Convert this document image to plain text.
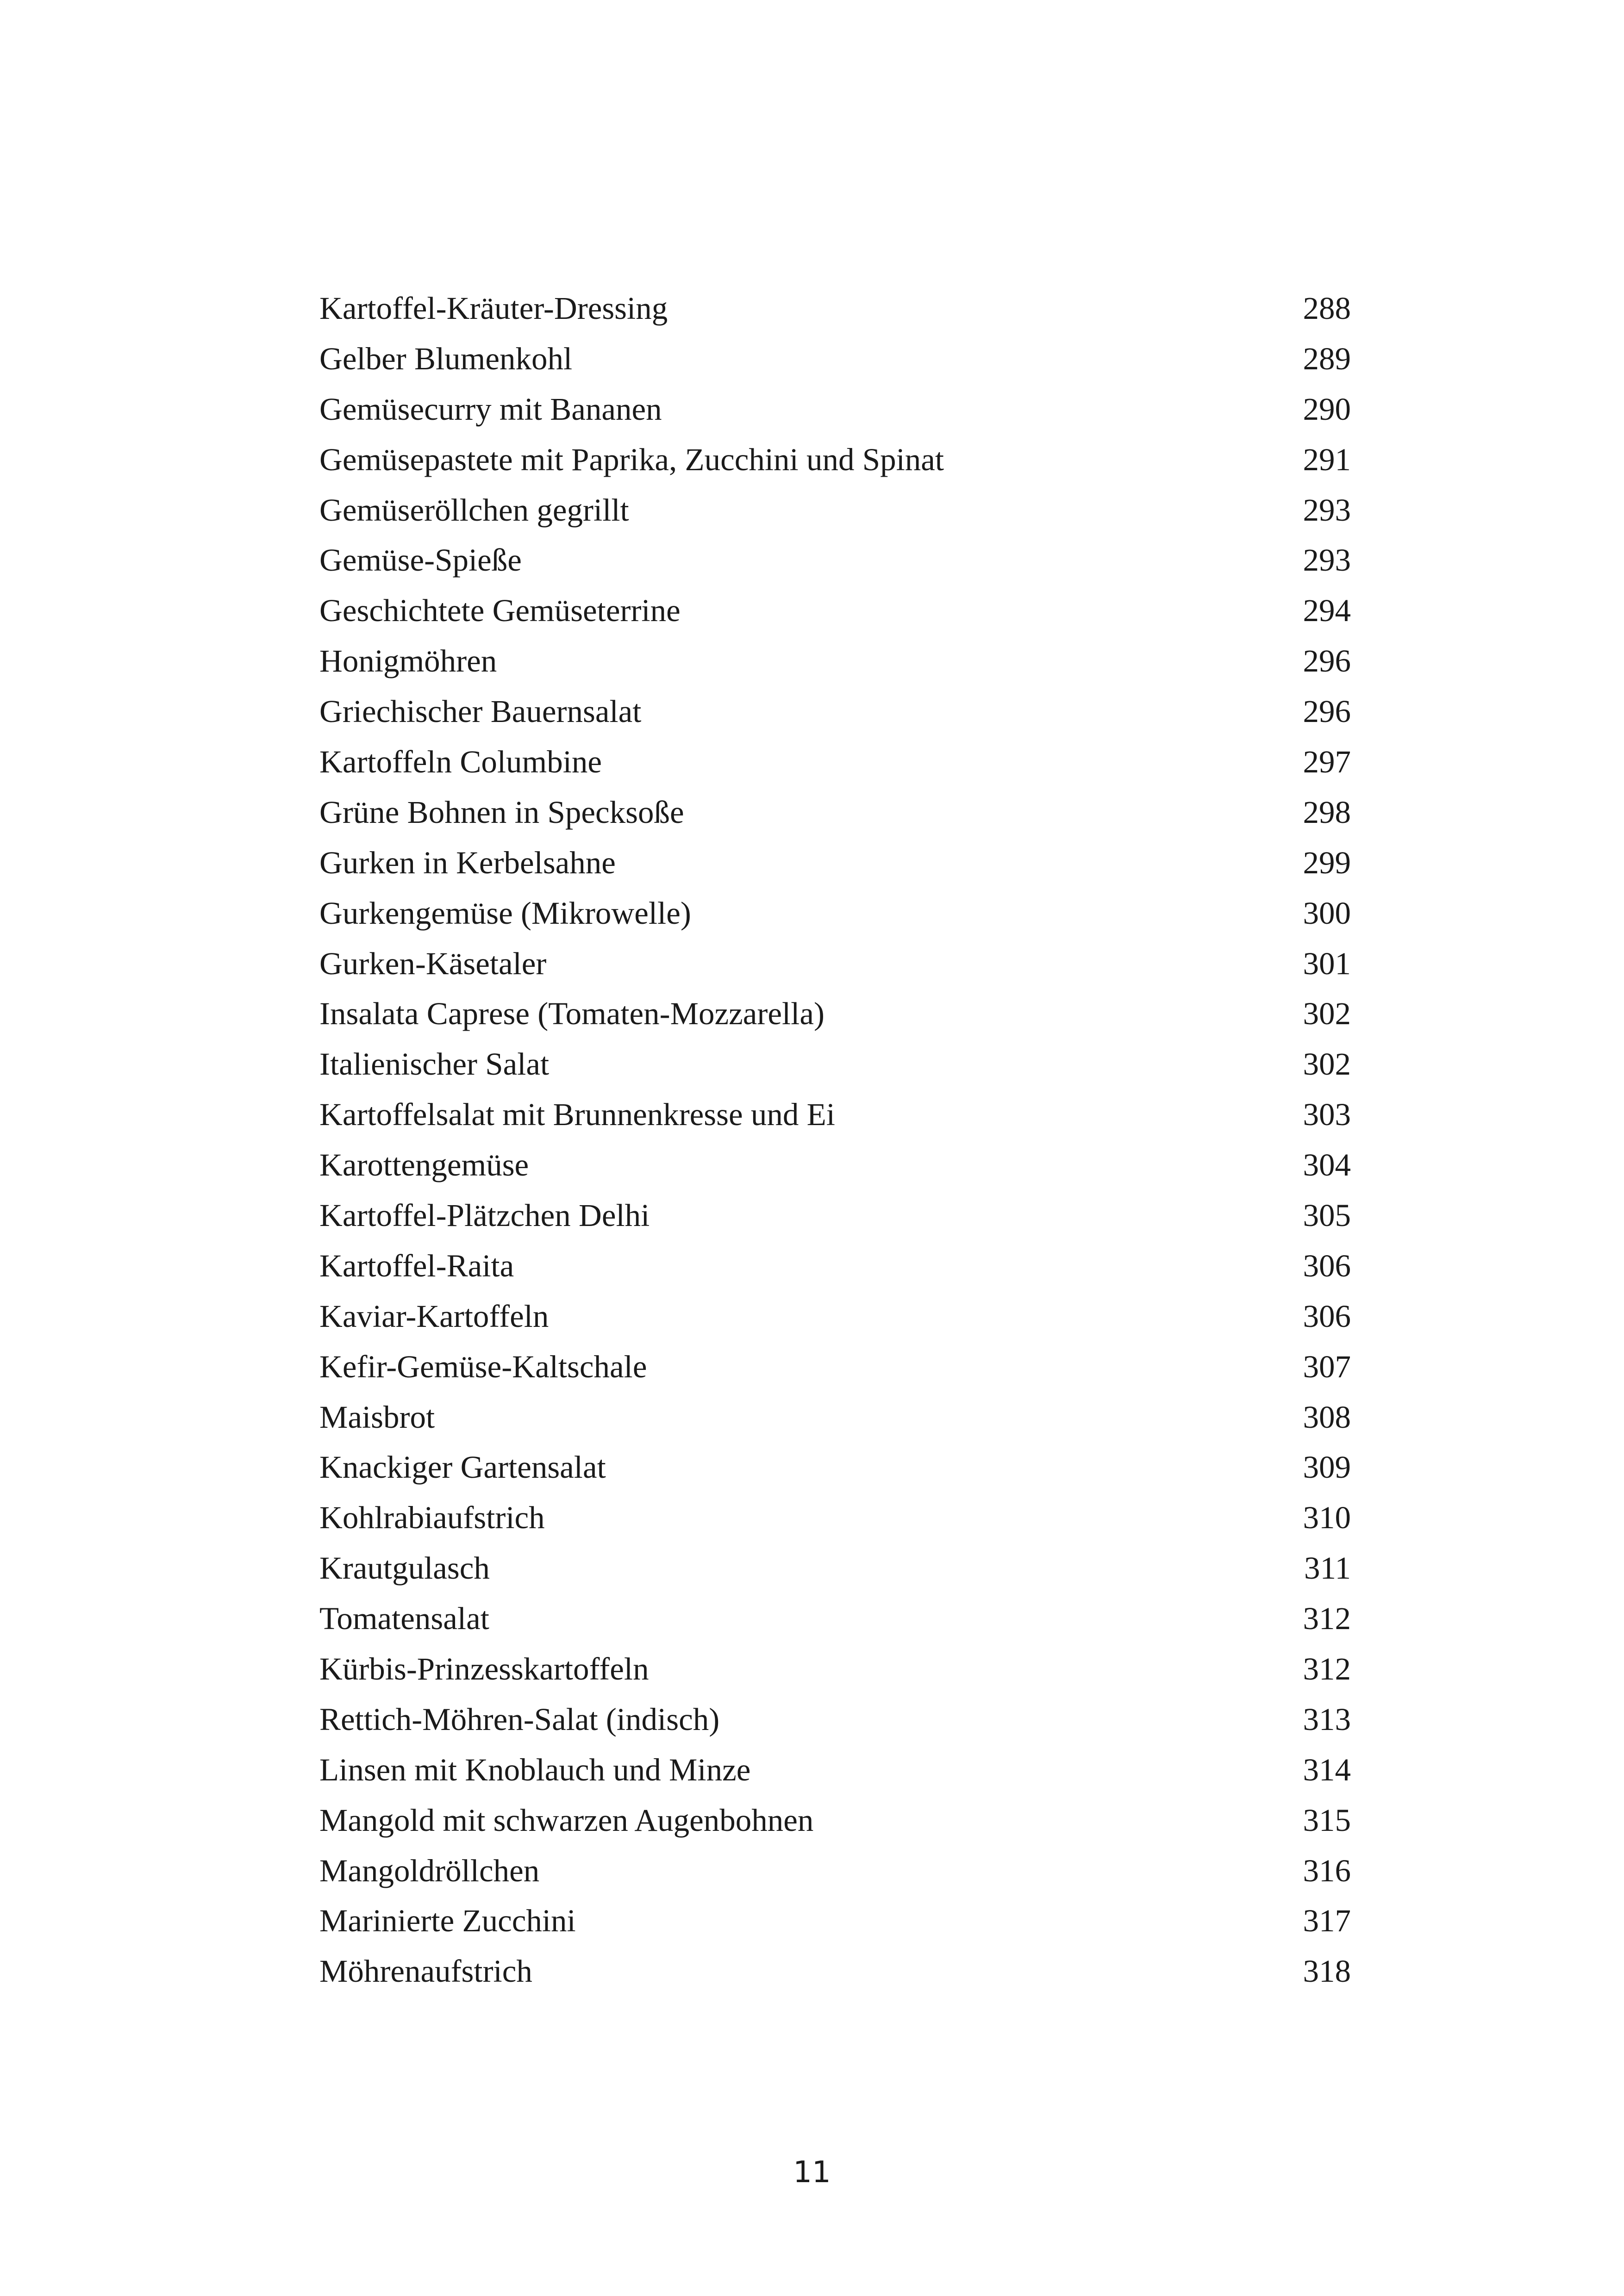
Kartoffel-Kräuter-Dressing	288
Gelber Blumenkohl	289
Gemüsecurry mit Bananen	290
Gemüsepastete mit Paprika, Zucchini und Spinat	291
Gemüseröllchen gegrillt	293
Gemüse-Spieße	293
Geschichtete Gemüseterrine	294
Honigmöhren	296
Griechischer Bauernsalat	296
Kartoffeln Columbine	297
Grüne Bohnen in Specksoße	298
Gurken in Kerbelsahne	299
Gurkengemüse (Mikrowelle)	300
Gurken-Käsetaler	301
Insalata Caprese (Tomaten-Mozzarella)	302
Italienischer Salat	302
Kartoffelsalat mit Brunnenkresse und Ei	303
Karottengemüse	304
Kartoffel-Plätzchen Delhi	305
Kartoffel-Raita	306
Kaviar-Kartoffeln	306
Kefir-Gemüse-Kaltschale	307
Maisbrot	308
Knackiger Gartensalat	309
Kohlrabiaufstrich	310
Krautgulasch	311
Tomatensalat	312
Kürbis-Prinzesskartoffeln	312
Rettich-Möhren-Salat (indisch)	313
Linsen mit Knoblauch und Minze	314
Mangold mit schwarzen Augenbohnen	315
Mangoldröllchen	316
Marinierte Zucchini	317
Möhrenaufstrich	318
11
